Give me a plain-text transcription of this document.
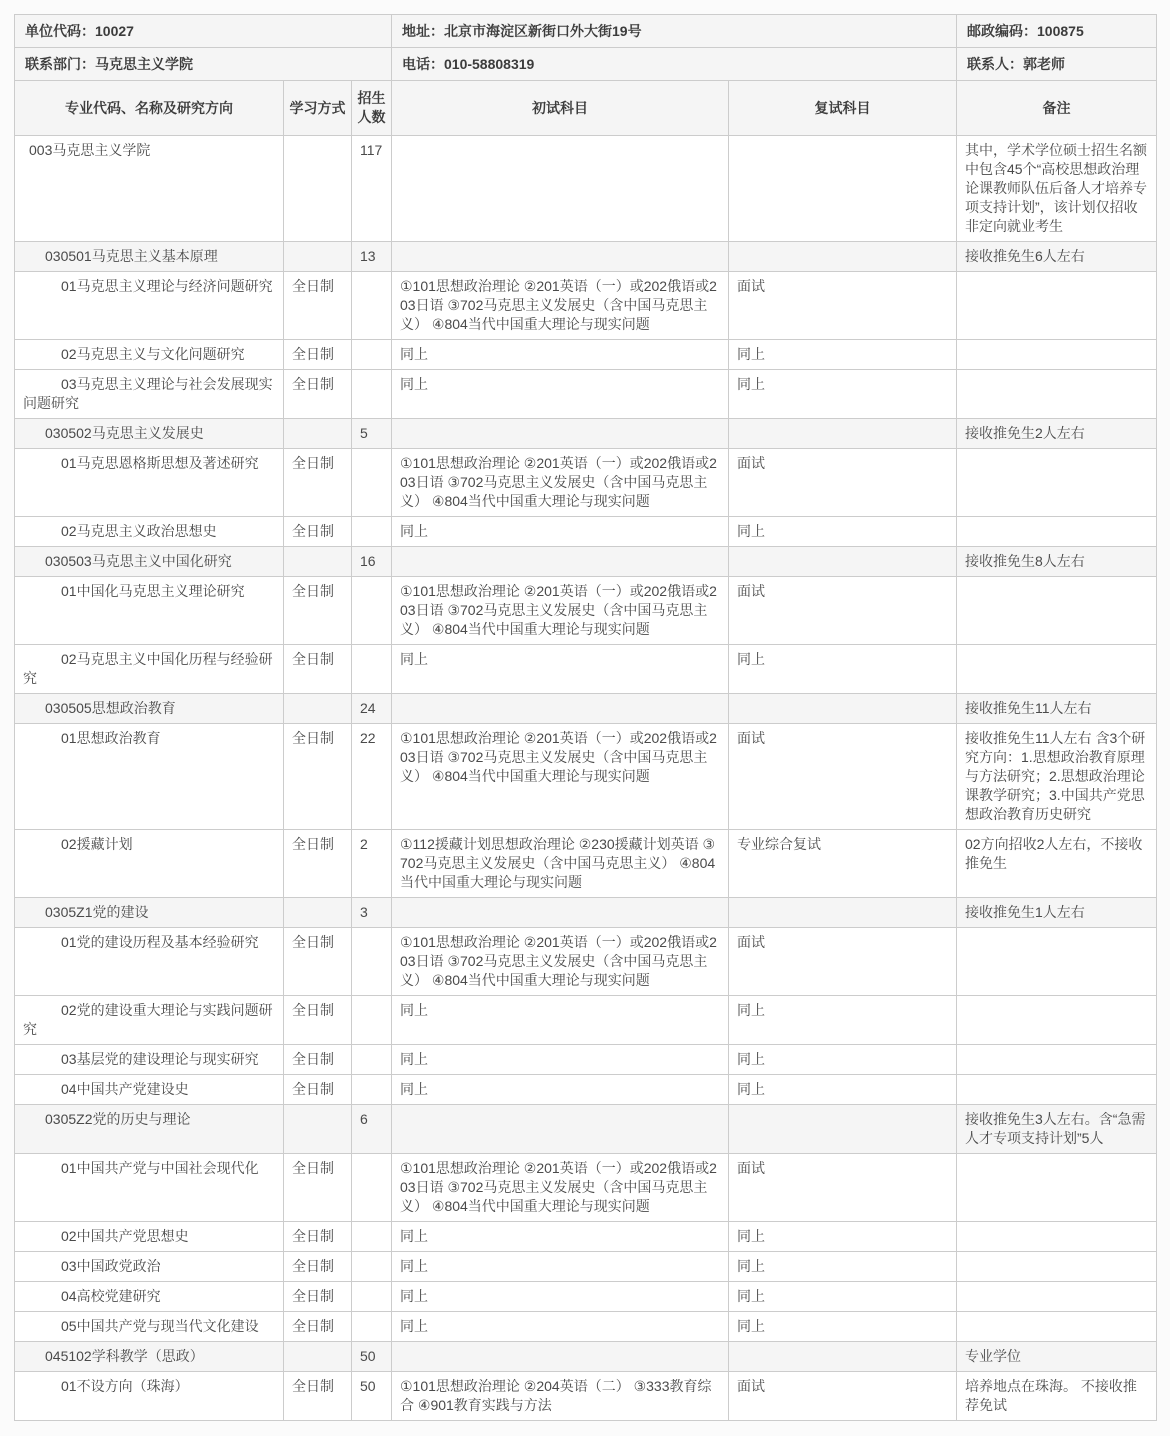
单位代码：10027			地址：北京市海淀区新街口外大街19号		邮政编码：100875
联系部门：马克思主义学院			电话：010-58808319		联系人：郭老师
专业代码、名称及研究方向	学习方式	招生人数	初试科目	复试科目	备注
003马克思主义学院		117			其中，学术学位硕士招生名额中包含45个“高校思想政治理论课教师队伍后备人才培养专项支持计划”，该计划仅招收非定向就业考生
030501马克思主义基本原理		13			接收推免生6人左右
01马克思主义理论与经济问题研究	全日制		①101思想政治理论 ②201英语（一）或202俄语或203日语 ③702马克思主义发展史（含中国马克思主义） ④804当代中国重大理论与现实问题	面试	
02马克思主义与文化问题研究	全日制		同上	同上	
03马克思主义理论与社会发展现实问题研究	全日制		同上	同上	
030502马克思主义发展史		5			接收推免生2人左右
01马克思恩格斯思想及著述研究	全日制		①101思想政治理论 ②201英语（一）或202俄语或203日语 ③702马克思主义发展史（含中国马克思主义） ④804当代中国重大理论与现实问题	面试	
02马克思主义政治思想史	全日制		同上	同上	
030503马克思主义中国化研究		16			接收推免生8人左右
01中国化马克思主义理论研究	全日制		①101思想政治理论 ②201英语（一）或202俄语或203日语 ③702马克思主义发展史（含中国马克思主义） ④804当代中国重大理论与现实问题	面试	
02马克思主义中国化历程与经验研究	全日制		同上	同上	
030505思想政治教育		24			接收推免生11人左右
01思想政治教育	全日制	22	①101思想政治理论 ②201英语（一）或202俄语或203日语 ③702马克思主义发展史（含中国马克思主义） ④804当代中国重大理论与现实问题	面试	接收推免生11人左右 含3个研究方向：1.思想政治教育原理与方法研究；2.思想政治理论课教学研究；3.中国共产党思想政治教育历史研究
02援藏计划	全日制	2	①112援藏计划思想政治理论 ②230援藏计划英语 ③702马克思主义发展史（含中国马克思主义） ④804当代中国重大理论与现实问题	专业综合复试	02方向招收2人左右，不接收推免生
0305Z1党的建设		3			接收推免生1人左右
01党的建设历程及基本经验研究	全日制		①101思想政治理论 ②201英语（一）或202俄语或203日语 ③702马克思主义发展史（含中国马克思主义） ④804当代中国重大理论与现实问题	面试	
02党的建设重大理论与实践问题研究	全日制		同上	同上	
03基层党的建设理论与现实研究	全日制		同上	同上	
04中国共产党建设史	全日制		同上	同上	
0305Z2党的历史与理论		6			接收推免生3人左右。含“急需人才专项支持计划”5人
01中国共产党与中国社会现代化	全日制		①101思想政治理论 ②201英语（一）或202俄语或203日语 ③702马克思主义发展史（含中国马克思主义） ④804当代中国重大理论与现实问题	面试	
02中国共产党思想史	全日制		同上	同上	
03中国政党政治	全日制		同上	同上	
04高校党建研究	全日制		同上	同上	
05中国共产党与现当代文化建设	全日制		同上	同上	
045102学科教学（思政）		50			专业学位
01不设方向（珠海）	全日制	50	①101思想政治理论 ②204英语（二） ③333教育综合 ④901教育实践与方法	面试	培养地点在珠海。 不接收推荐免试
